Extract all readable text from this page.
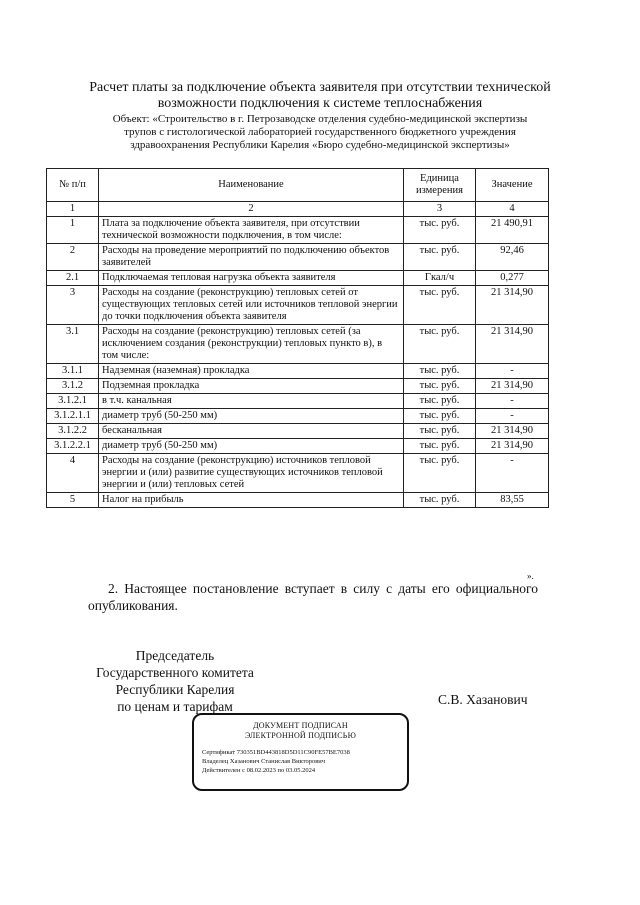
Расчет платы за подключение объекта заявителя при отсутствии технической
возможности подключения к системе теплоснабжения
Объект: «Строительство в г. Петрозаводске отделения судебно-медицинской экспертизы
трупов с гистологической лабораторией государственного бюджетного учреждения
здравоохранения Республики Карелия «Бюро судебно-медицинской экспертизы»
№ п/п	Наименование	Единица измерения	Значение
1	2	3	4
1	Плата за подключение объекта заявителя, при отсутствии технической возможности подключения, в том числе:	тыс. руб.	21 490,91
2	Расходы на проведение мероприятий по подключению объектов заявителей	тыс. руб.	92,46
2.1	Подключаемая тепловая нагрузка объекта заявителя	Гкал/ч	0,277
3	Расходы на создание (реконструкцию) тепловых сетей от существующих тепловых сетей или источников тепловой энергии до точки подключения объекта заявителя	тыс. руб.	21 314,90
3.1	Расходы на создание (реконструкцию) тепловых сетей (за исключением создания (реконструкции) тепловых пункто в), в том числе:	тыс. руб.	21 314,90
3.1.1	Надземная (наземная) прокладка	тыс. руб.	-
3.1.2	Подземная прокладка	тыс. руб.	21 314,90
3.1.2.1	в т.ч. канальная	тыс. руб.	-
3.1.2.1.1	диаметр труб (50-250 мм)	тыс. руб.	-
3.1.2.2	бесканальная	тыс. руб.	21 314,90
3.1.2.2.1	диаметр труб (50-250 мм)	тыс. руб.	21 314,90
4	Расходы на создание (реконструкцию) источников тепловой энергии и (или) развитие существующих источников тепловой энергии и (или) тепловых сетей	тыс. руб.	-
5	Налог на прибыль	тыс. руб.	83,55
».
2. Настоящее постановление вступает в силу с даты его официального опубликования.
Председатель
Государственного комитета
Республики Карелия
по ценам и тарифам	С.В. Хазанович
ДОКУМЕНТ ПОДПИСАН
ЭЛЕКТРОННОЙ ПОДПИСЬЮ
Сертификат 730351BD443818D5D11C90FE57BE7038
Владелец Хазанович Станислав Викторович
Действителен с 08.02.2023 по 03.05.2024
